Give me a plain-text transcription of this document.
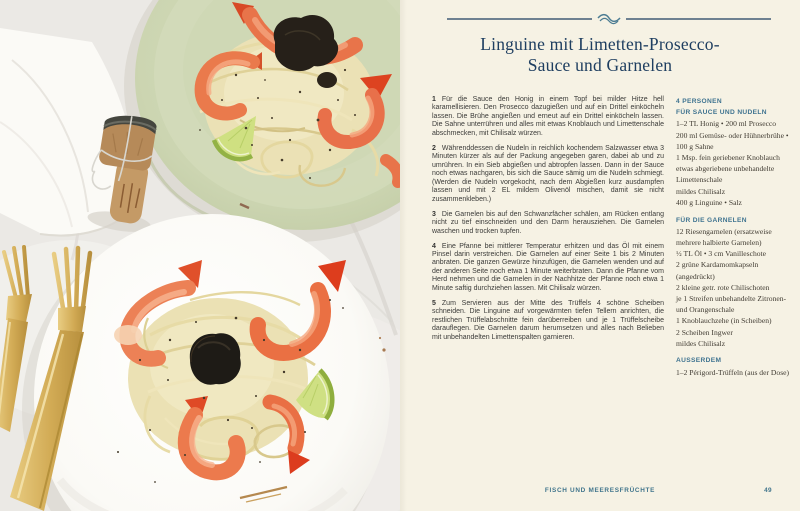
Linguine mit Limetten-Prosecco-
Sauce und Garnelen

1 Für die Sauce den Honig in einem Topf bei milder Hitze hell karamellisieren. Den Prosecco dazugießen und auf ein Drittel einköcheln lassen. Die Brühe angießen und erneut auf ein Drittel einköcheln lassen. Die Sahne unterrühren und alles mit etwas Knoblauch und Limettenschale abschmecken, mit Chilisalz würzen.

2 Währenddessen die Nudeln in reichlich kochendem Salzwasser etwa 3 Minuten kürzer als auf der Packung angegeben garen, dabei ab und zu umrühren. In ein Sieb abgießen und abtropfen lassen. Dann in der Sauce noch etwas nachgaren, bis sich die Sauce sämig um die Nudeln schmiegt. (Werden die Nudeln vorgekocht, nach dem Abgießen kurz ausdampfen lassen und mit 2 EL mildem Olivenöl mischen, damit sie nicht zusammenkleben.)

3 Die Garnelen bis auf den Schwanzfächer schälen, am Rücken entlang nicht zu tief einschneiden und den Darm herausziehen. Die Garnelen waschen und trocken tupfen.

4 Eine Pfanne bei mittlerer Temperatur erhitzen und das Öl mit einem Pinsel darin verstreichen. Die Garnelen auf einer Seite 1 bis 2 Minuten anbraten. Die ganzen Gewürze hinzufügen, die Garnelen wenden und auf der anderen Seite noch etwa 1 Minute weiterbraten. Dann die Pfanne vom Herd nehmen und die Garnelen in der Nachhitze der Pfanne noch etwa 1 Minute saftig durchziehen lassen. Mit Chilisalz würzen.

5 Zum Servieren aus der Mitte des Trüffels 4 schöne Scheiben schneiden. Die Linguine auf vorgewärmten tiefen Tellern anrichten, die restlichen Trüffelabschnitte fein darüberreiben und je 1 Trüffelscheibe darauflegen. Die Garnelen darum herumsetzen und alles nach Belieben mit unbehandelten Limettenspalten garnieren.

4 PERSONEN
FÜR SAUCE UND NUDELN
1–2 TL Honig • 200 ml Prosecco
200 ml Gemüse- oder Hühnerbrühe • 100 g Sahne
1 Msp. fein geriebener Knoblauch
etwas abgeriebene unbehandelte Limettenschale
mildes Chilisalz
400 g Linguine • Salz
FÜR DIE GARNELEN
12 Riesengarnelen (ersatzweise mehrere halbierte Garnelen)
½ TL Öl • 3 cm Vanilleschote
2 grüne Kardamomkapseln (angedrückt)
2 kleine getr. rote Chilischoten
je 1 Streifen unbehandelte Zitronen- und Orangenschale
1 Knoblauchzehe (in Scheiben)
2 Scheiben Ingwer
mildes Chilisalz
AUSSERDEM
1–2 Périgord-Trüffeln (aus der Dose)
FISCH UND MEERESFRÜCHTE	49
